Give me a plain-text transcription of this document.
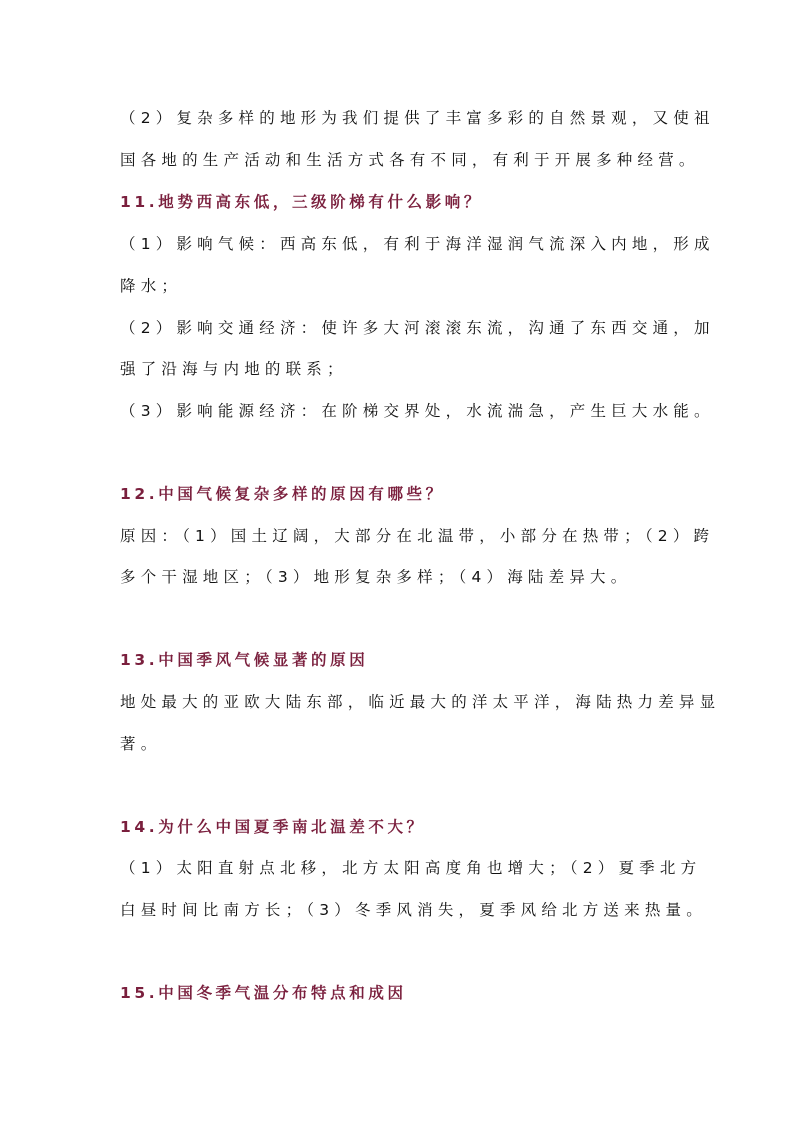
（2）复杂多样的地形为我们提供了丰富多彩的自然景观，又使祖
国各地的生产活动和生活方式各有不同，有利于开展多种经营。
11.地势西高东低，三级阶梯有什么影响？
（1）影响气候：西高东低，有利于海洋湿润气流深入内地，形成
降水；
（2）影响交通经济：使许多大河滚滚东流，沟通了东西交通，加
强了沿海与内地的联系；
（3）影响能源经济：在阶梯交界处，水流湍急，产生巨大水能。
12.中国气候复杂多样的原因有哪些？
原因：（1）国土辽阔，大部分在北温带，小部分在热带；（2）跨
多个干湿地区；（3）地形复杂多样；（4）海陆差异大。
13.中国季风气候显著的原因
地处最大的亚欧大陆东部，临近最大的洋太平洋，海陆热力差异显
著。
14.为什么中国夏季南北温差不大？
（1）太阳直射点北移，北方太阳高度角也增大；（2）夏季北方
白昼时间比南方长；（3）冬季风消失，夏季风给北方送来热量。
15.中国冬季气温分布特点和成因
